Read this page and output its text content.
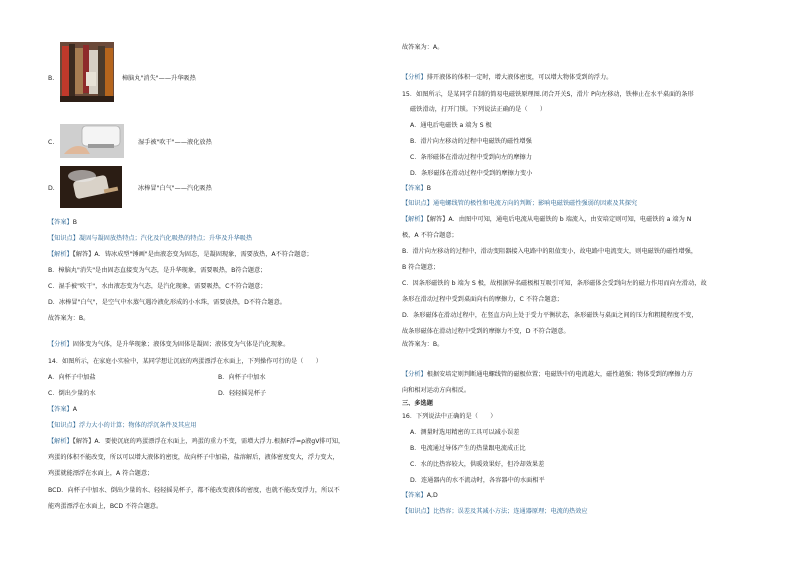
B.	樟脑丸"消失"——升华吸热
C.	湿手被"吹干"——液化放热
D.	冰棒冒"白气"——汽化吸热
【答案】B
【知识点】凝固与凝固放热特点；汽化及汽化吸热的特点；升华及升华吸热
【解析】【解答】A．铸冰成型"锤画"是由液态变为固态，是凝固现象，需要放热，A不符合题意；
B．樟脑丸"消失"是由固态直接变为气态，是升华现象，需要吸热，B符合题意；
C．湿手被"吹干"，水由液态变为气态，是汽化现象，需要吸热，C不符合题意；
D．冰棒冒"白气"，是空气中水蒸气遇冷液化形成的小水珠，需要放热，D不符合题意。
故答案为：B。
【分析】固体变为气体，是升华现象；液体变为固体是凝固；液体变为气体是汽化现象。
14．如图所示，在家庭小实验中，某同学想让沉底的鸡蛋漂浮在水面上，下列操作可行的是（　　）
A．向杯子中加盐	B．向杯子中加水
C．倒出少量的水	D．轻轻摇晃杯子
【答案】A
【知识点】浮力大小的计算；物体的浮沉条件及其应用
【解析】【解答】A．要使沉底的鸡蛋漂浮在水面上，鸡蛋的重力不变，需增大浮力.根据F浮=ρ液gV排可知，
鸡蛋的体积不能改变，所以可以增大液体的密度，故向杯子中加盐，盐溶解后，液体密度变大，浮力变大，
鸡蛋就能漂浮在水面上，A 符合题意；
BCD．向杯子中加水、倒出少量的水、轻轻摇晃杯子，都不能改变液体的密度，也就不能改变浮力，所以不
能鸡蛋漂浮在水面上，BCD 不符合题意。
故答案为：A。
【分析】排开液体的体积一定时，增大液体密度，可以增大物体受到的浮力。
15．如图所示，是某同学自制的简易电磁铁原理图.闭合开关S，滑片 P向左移动，铁棒止在水平桌面的条形
磁铁滑动，打开门锁。下列说法正确的是（　　）
A．通电后电磁铁 a 端为 S 极
B．滑片向左移动的过程中电磁铁的磁性增强
C．条形磁体在滑动过程中受到向左的摩擦力
D．条形磁体在滑动过程中受到的摩擦力变小
【答案】B
【知识点】通电螺线管的极性和电流方向的判断；影响电磁铁磁性强弱的因素及其探究
【解析】【解答】A．由图中可知，通电后电流从电磁铁的 b 端流入，由安培定则可知，电磁铁的 a 端为 N
极，A 不符合题意；
B．滑片向左移动的过程中，滑动变阻器接入电路中的阻值变小，故电路中电流变大，则电磁铁的磁性增强，
B 符合题意；
C．因条形磁铁的 b 端为 S 极，故根据异名磁极相互吸引可知，条形磁体会受到向左的磁力作用而向左滑动，故
条形在滑动过程中受到桌面向右的摩擦力，C 不符合题意；
D．条形磁体在滑动过程中，在竖直方向上处于受力平衡状态，条形磁铁与桌面之间的压力和粗糙程度不变，
故条形磁体在滑动过程中受到的摩擦力不变，D 不符合题意。
故答案为：B。
【分析】根据安培定则判断通电螺线管的磁极位置；电磁铁中的电流越大，磁性越强；物体受到的摩擦力方
向和相对运动方向相反。
三、多选题
16．下列说法中正确的是（　　）
A．测量时选用精密的工具可以减小误差
B．电流通过导体产生的热量跟电流成正比
C．水的比热容较大，供暖效果好，但冷却效果差
D．连通器内的水不流动时，各容器中的水面相平
【答案】A,D
【知识点】比热容；误差及其减小方法；连通器原理；电流的热效应
